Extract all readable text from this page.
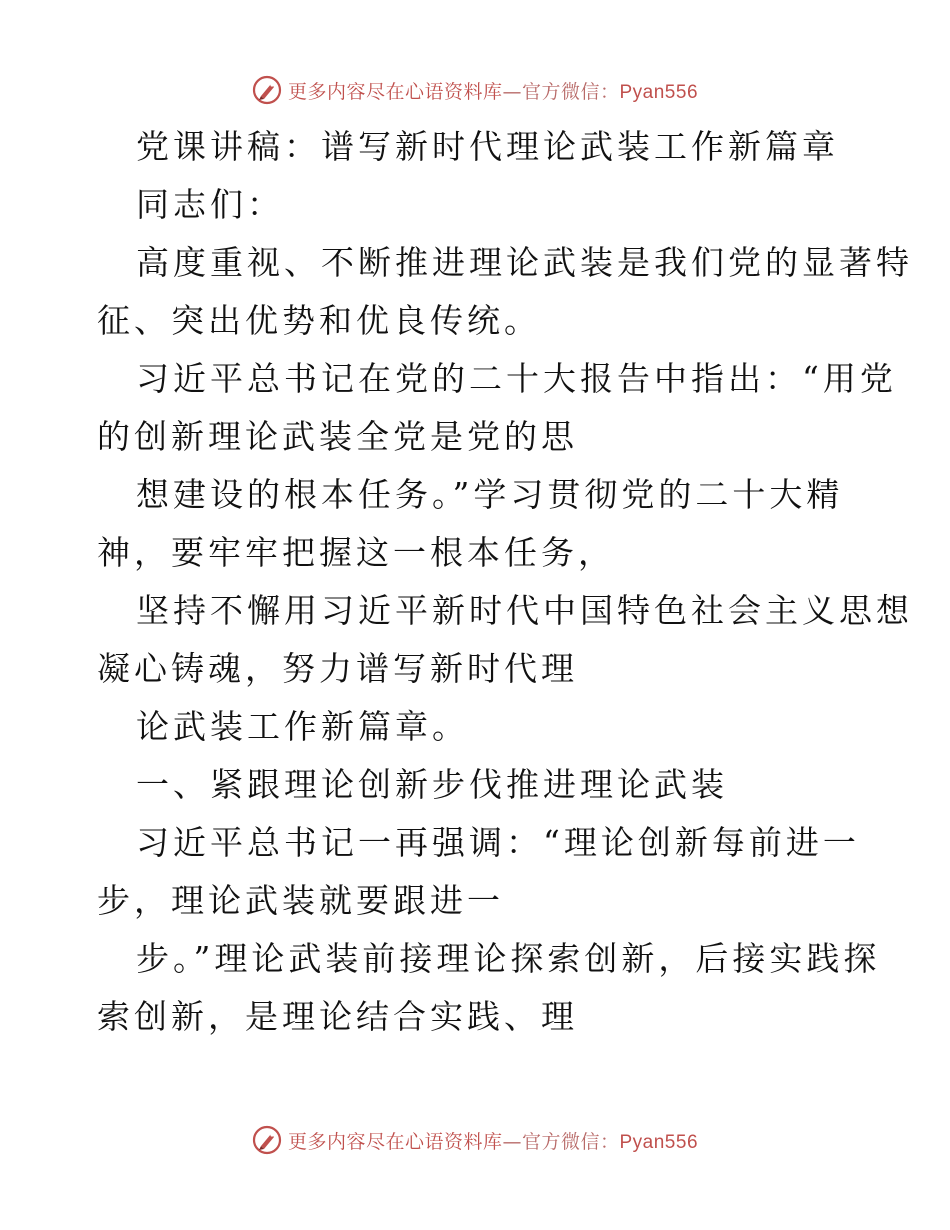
更多内容尽在心语资料库—官方微信：Pyan556
党课讲稿：谱写新时代理论武装工作新篇章
同志们：
高度重视、不断推进理论武装是我们党的显著特
征、突出优势和优良传统。
习近平总书记在党的二十大报告中指出：“用党
的创新理论武装全党是党的思
想建设的根本任务。”学习贯彻党的二十大精
神，要牢牢把握这一根本任务，
坚持不懈用习近平新时代中国特色社会主义思想
凝心铸魂，努力谱写新时代理
论武装工作新篇章。
一、紧跟理论创新步伐推进理论武装
习近平总书记一再强调：“理论创新每前进一
步，理论武装就要跟进一
步。”理论武装前接理论探索创新，后接实践探
索创新，是理论结合实践、理
更多内容尽在心语资料库—官方微信：Pyan556
